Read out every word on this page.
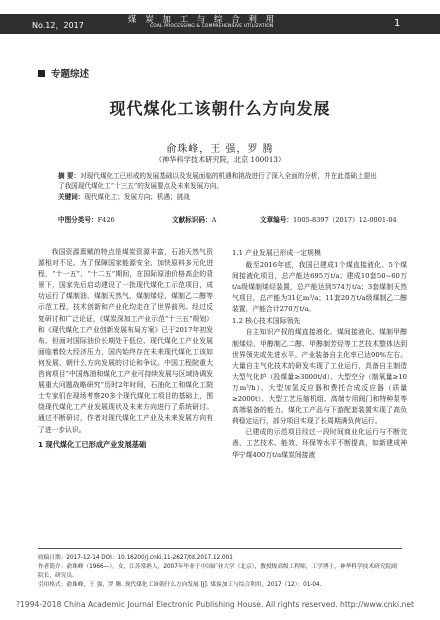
No.12，2017
煤 炭 加 工 与 综 合 利 用
COAL PROCESSING & COMPREHENSIVE UTILIZATION	1
专题综述
现代煤化工该朝什么方向发展
俞珠峰，王 强，罗 腾
（神华科学技术研究院，北京 100013）
摘 要：对现代煤化工已形成的发展基础以及发展面临的机遇和挑战进行了深入全面的分析，并在此基础上提出了我国现代煤化工“十三五”的发展要点及未来发展方向。
关键词：现代煤化工；发展方向；机遇；挑战
中图分类号：F426	文献标识码：A	文章编号：1005-8397（2017）12-0001-04

我国资源禀赋的特点是煤炭资源丰富，石油天然气资源相对不足。为了保障国家能源安全、加快原料多元化进程，“十一五”、“十二五”期间，在国际原油价格高企的背景下，国家先后启动建设了一批现代煤化工示范项目，成功运行了煤制油、煤制天然气、煤制烯烃、煤制乙二醇等示范工程，技术创新和产业化均走在了世界前列。经过反复研讨和广泛论证，《煤炭深加工产业示范“十三五”规划》和《现代煤化工产业创新发展布局方案》已于2017年初发布。但面对国际油价长期处于低位、现代煤化工产业发展面临着较大经济压力，国内始终存在未来现代煤化工该如何发展、朝什么方向发展的讨论和争议。中国工程院重大咨询项目“中国炼油和煤化工产业可持续发展与区域协调发展重大问题战略研究”历时2年时间，石油化工和煤化工院士专家们在现场考察20多个现代煤化工项目的基础上，围绕现代煤化工产业发展现状及未来方向进行了系统研讨。通过不断研讨，作者对现代煤化工产业及未来发展方向有了进一步认识。

1 现代煤化工已形成产业发展基础
1.1 产业发展已形成一定规模

截至2016年底，我国已建成1个煤直接液化、5个煤间接液化项目，总产能达695万t/a；建成10套50~60万t/a级煤制烯烃装置，总产能达到574万t/a；3套煤制天然气项目，总产能为31亿m³/a；11套20万t/a级煤制乙二醇装置，产能合计270万t/a。

1.2 核心技术国际领先

自主知识产权的煤直接液化、煤间接液化、煤制甲醇制烯烃、甲醇制乙二醇、甲醇制芳烃等工艺技术整体达到世界领先或先进水平。产业装备自主化率已达90%左右。大量自主气化技术的研发实现了工业运行，具备自主制造大型气化炉（投煤量≥3000t/d）、大型空分（制氧量≥10万m³/h）、大型加氢反应器和费托合成反应器（质量≥2000t）、大型工艺压缩机组、高端专用阀门和特种泵等高端装备的能力。煤化工产品与下游配套装置实现了高负荷稳定运行，部分项目实现了长周期满负荷运行。

已建成的示范项目经过一段时间商业化运行与不断完善，工艺技术、能效、环保等水平不断提高，如新建成神华宁煤400万t/a煤炭间接液

收稿日期：2017-12-14 DOI：10.16200/j.cnki.11-2627/td.2017.12.001
作者简介：俞珠峰（1966—），女，江苏常熟人，2007年毕业于中国矿业大学（北京），教授级高级工程师，工学博士，神华科学技术研究院副院长，研究员。
引用格式：俞珠峰，王 强，罗 腾. 现代煤化工该朝什么方向发展 [J]. 煤炭加工与综合利用，2017（12）：01-04.
?1994-2018 China Academic Journal Electronic Publishing House. All rights reserved. http://www.cnki.net
